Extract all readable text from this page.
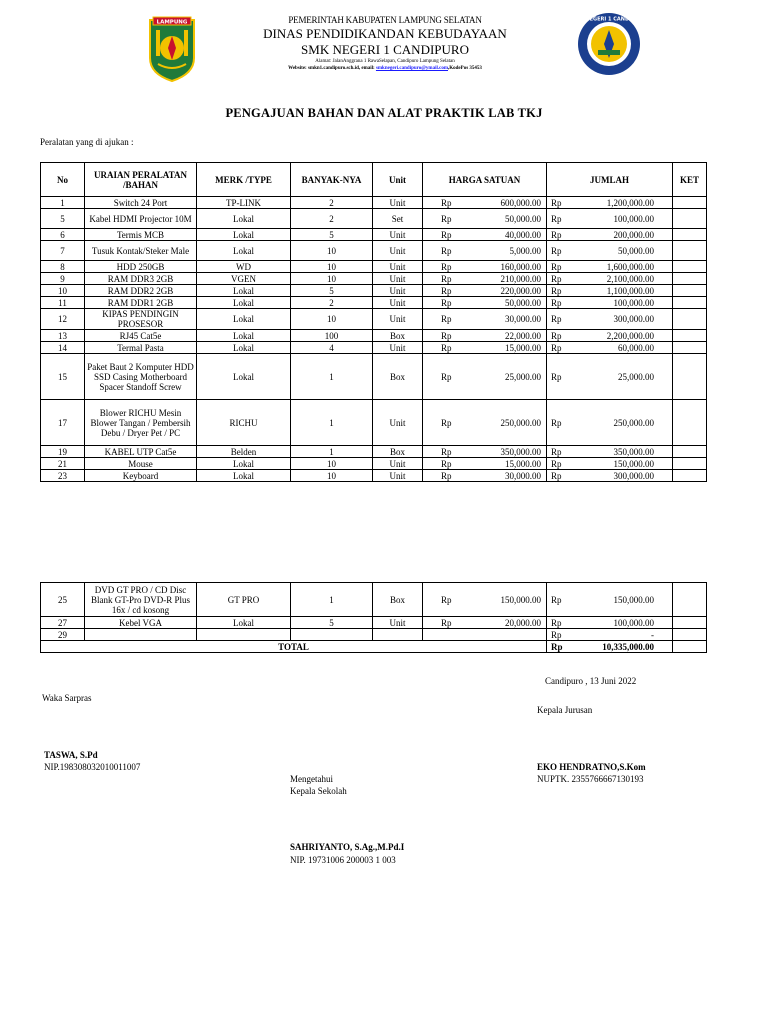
LAMPUNG	SMK NEGERI 1 CANDIPURO
PEMERINTAH KABUPATEN LAMPUNG SELATAN
DINAS PENDIDIKANDAN KEBUDAYAAN
SMK NEGERI 1 CANDIPURO
Alamat: JalanAnggrana 1 RawaSelapan, Candipuro Lampung Selatan
Website: smkn1.candipuro.sch.id, email: smknegeri.candipuro@ymail.com,KodePos 35453
PENGAJUAN BAHAN DAN ALAT PRAKTIK LAB TKJ
Peralatan yang di ajukan :
No	URAIAN PERALATAN /BAHAN	MERK /TYPE	BANYAK-NYA	Unit	HARGA SATUAN	JUMLAH	KET
1	Switch 24 Port	TP-LINK	2	Unit	Rp 600,000.00	Rp 1,200,000.00	

5	Kabel HDMI Projector 10M	Lokal	2	Set	Rp 50,000.00	Rp 100,000.00	

6	Termis MCB	Lokal	5	Unit	Rp 40,000.00	Rp 200,000.00	

7	Tusuk Kontak/Steker Male	Lokal	10	Unit	Rp 5,000.00	Rp 50,000.00	

8	HDD 250GB	WD	10	Unit	Rp 160,000.00	Rp 1,600,000.00	

9	RAM DDR3 2GB	VGEN	10	Unit	Rp 210,000.00	Rp 2,100,000.00	

10	RAM DDR2 2GB	Lokal	5	Unit	Rp 220,000.00	Rp 1,100,000.00	

11	RAM DDR1 2GB	Lokal	2	Unit	Rp 50,000.00	Rp 100,000.00	

12	KIPAS PENDINGIN PROSESOR	Lokal	10	Unit	Rp 30,000.00	Rp 300,000.00	

13	RJ45 Cat5e	Lokal	100	Box	Rp 22,000.00	Rp 2,200,000.00	

14	Termal Pasta	Lokal	4	Unit	Rp 15,000.00	Rp 60,000.00	

15	Paket Baut 2 Komputer HDD SSD Casing Motherboard Spacer Standoff Screw	Lokal	1	Box	Rp 25,000.00	Rp 25,000.00	

17	Blower RICHU Mesin Blower Tangan / Pembersih Debu / Dryer Pet / PC	RICHU	1	Unit	Rp 250,000.00	Rp 250,000.00	

19	KABEL UTP Cat5e	Belden	1	Box	Rp 350,000.00	Rp 350,000.00	

21	Mouse	Lokal	10	Unit	Rp 15,000.00	Rp 150,000.00	

23	Keyboard	Lokal	10	Unit	Rp 30,000.00	Rp 300,000.00	

25	DVD GT PRO / CD Disc Blank GT-Pro DVD-R Plus 16x / cd kosong	GT PRO	1	Box	Rp 150,000.00	Rp 150,000.00	

27	Kebel VGA	Lokal	5	Unit	Rp 20,000.00	Rp 100,000.00	

29						Rp -	

TOTAL						Rp 10,335,000.00	

Candipuro , 13 Juni 2022
Waka Sarpras
Kepala Jurusan
TASWA, S.Pd
NIP.198308032010011007	EKO HENDRATNO,S.Kom
NUPTK. 2355766667130193
Mengetahui
Kepala Sekolah
SAHRIYANTO, S.Ag.,M.Pd.I
NIP. 19731006 200003 1 003
